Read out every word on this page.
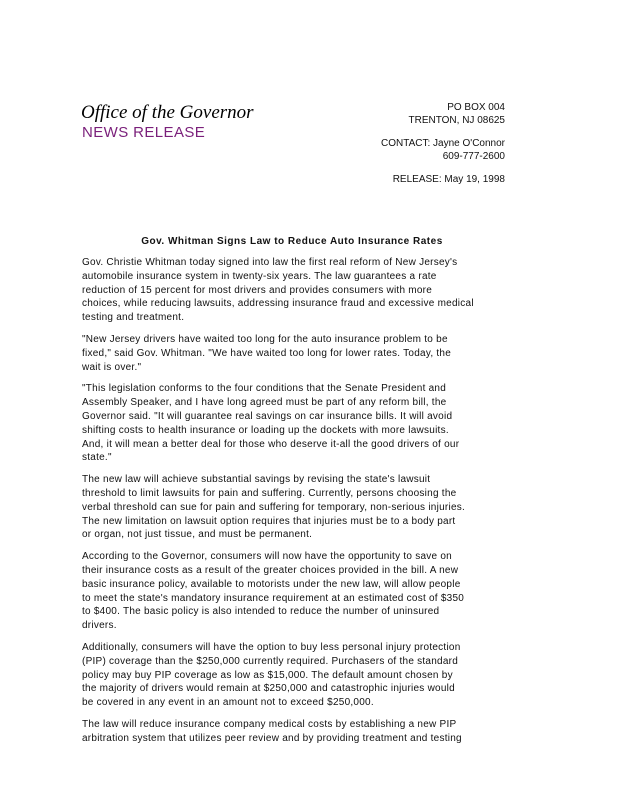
Office of the Governor
NEWS RELEASE
PO BOX 004
TRENTON, NJ 08625
CONTACT: Jayne O'Connor
609-777-2600
RELEASE: May 19, 1998
Gov. Whitman Signs Law to Reduce Auto Insurance Rates

Gov. Christie Whitman today signed into law the first real reform of New Jersey's
automobile insurance system in twenty-six years. The law guarantees a rate
reduction of 15 percent for most drivers and provides consumers with more
choices, while reducing lawsuits, addressing insurance fraud and excessive medical
testing and treatment.

"New Jersey drivers have waited too long for the auto insurance problem to be
fixed," said Gov. Whitman. "We have waited too long for lower rates. Today, the
wait is over."

"This legislation conforms to the four conditions that the Senate President and
Assembly Speaker, and I have long agreed must be part of any reform bill, the
Governor said. "It will guarantee real savings on car insurance bills. It will avoid
shifting costs to health insurance or loading up the dockets with more lawsuits.
And, it will mean a better deal for those who deserve it-all the good drivers of our
state."

The new law will achieve substantial savings by revising the state's lawsuit
threshold to limit lawsuits for pain and suffering. Currently, persons choosing the
verbal threshold can sue for pain and suffering for temporary, non-serious injuries.
The new limitation on lawsuit option requires that injuries must be to a body part
or organ, not just tissue, and must be permanent.

According to the Governor, consumers will now have the opportunity to save on
their insurance costs as a result of the greater choices provided in the bill. A new
basic insurance policy, available to motorists under the new law, will allow people
to meet the state's mandatory insurance requirement at an estimated cost of $350
to $400. The basic policy is also intended to reduce the number of uninsured
drivers.

Additionally, consumers will have the option to buy less personal injury protection
(PIP) coverage than the $250,000 currently required. Purchasers of the standard
policy may buy PIP coverage as low as $15,000. The default amount chosen by
the majority of drivers would remain at $250,000 and catastrophic injuries would
be covered in any event in an amount not to exceed $250,000.

The law will reduce insurance company medical costs by establishing a new PIP
arbitration system that utilizes peer review and by providing treatment and testing
